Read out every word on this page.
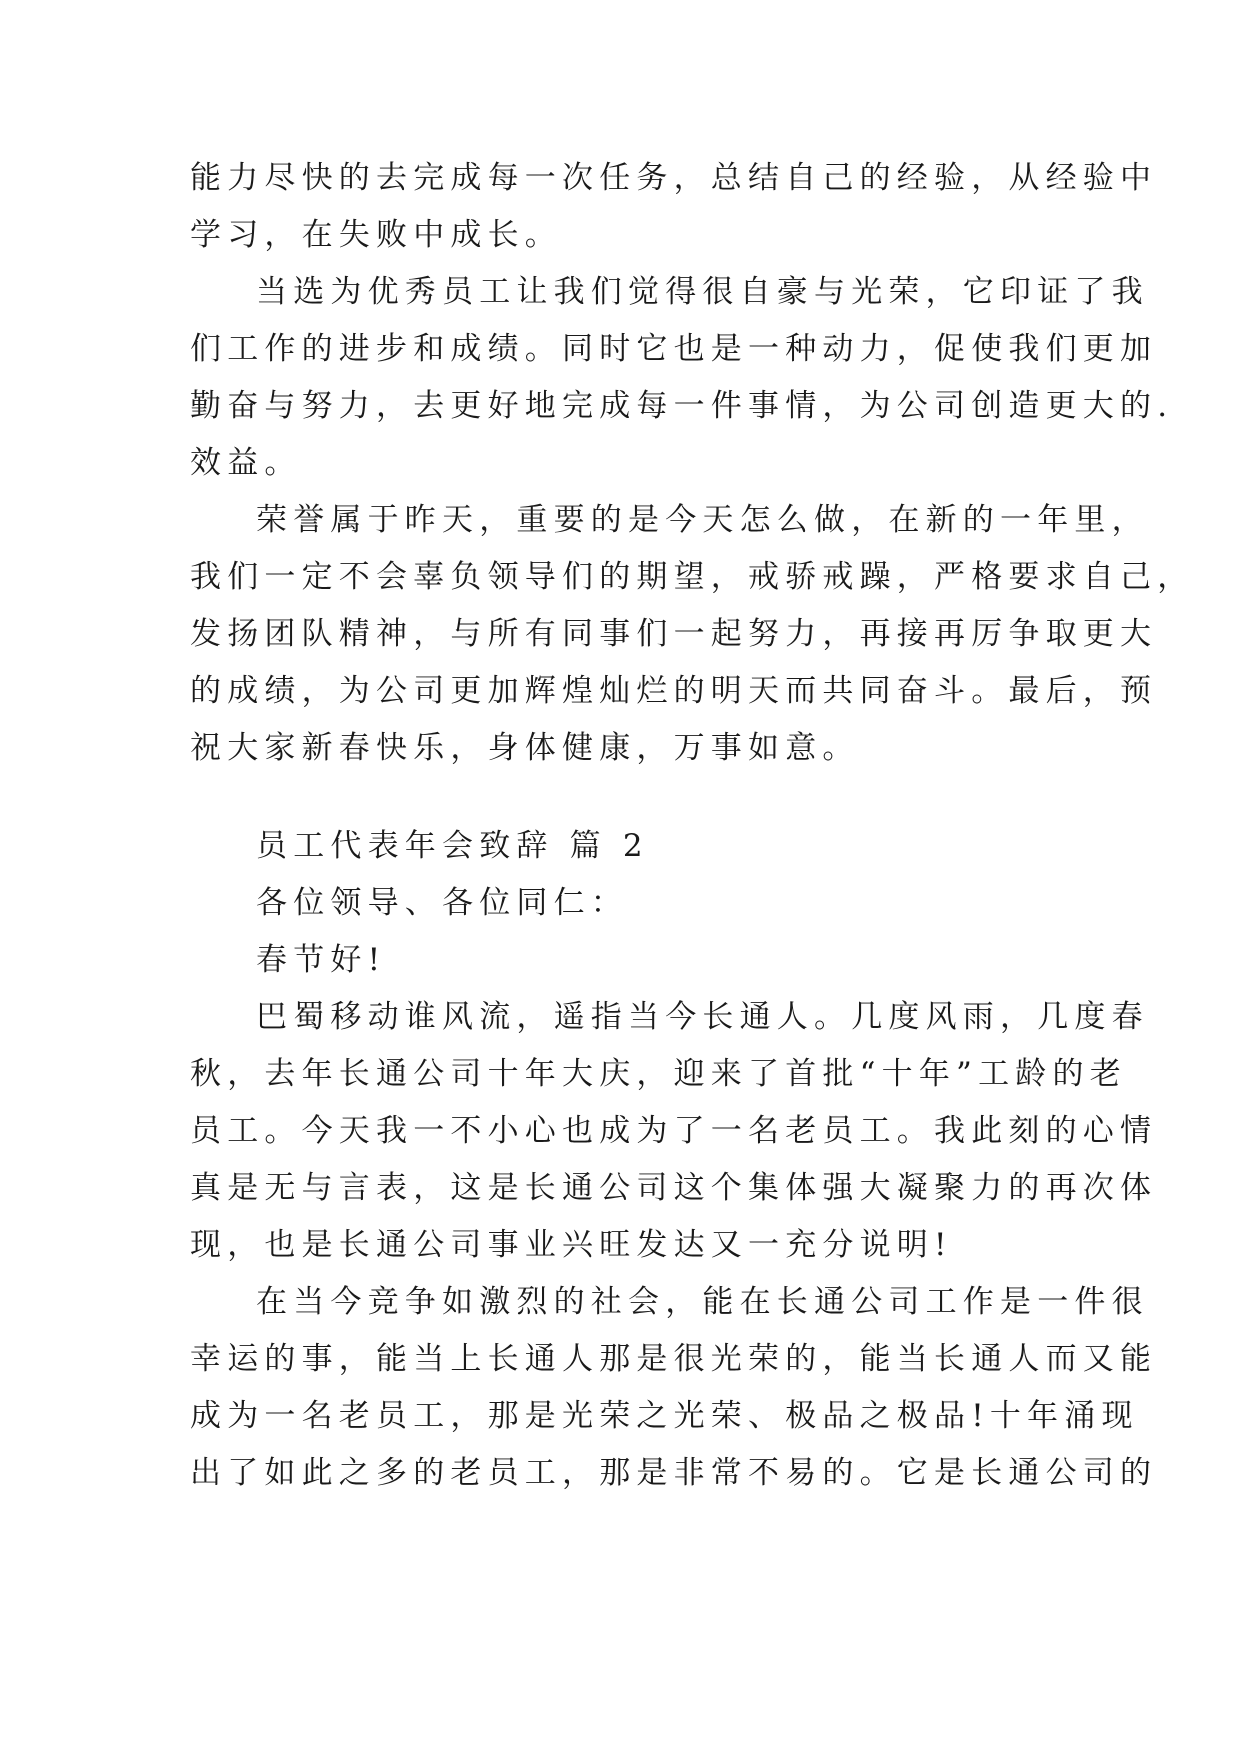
能力尽快的去完成每一次任务，总结自己的经验，从经验中
学习，在失败中成长。
当选为优秀员工让我们觉得很自豪与光荣，它印证了我
们工作的进步和成绩。同时它也是一种动力，促使我们更加
勤奋与努力，去更好地完成每一件事情，为公司创造更大的.
效益。
荣誉属于昨天，重要的是今天怎么做，在新的一年里，
我们一定不会辜负领导们的期望，戒骄戒躁，严格要求自己，
发扬团队精神，与所有同事们一起努力，再接再厉争取更大
的成绩，为公司更加辉煌灿烂的明天而共同奋斗。最后，预
祝大家新春快乐，身体健康，万事如意。
员工代表年会致辞 篇 2
各位领导、各位同仁：
春节好!
巴蜀移动谁风流，遥指当今长通人。几度风雨，几度春
秋，去年长通公司十年大庆，迎来了首批“十年”工龄的老
员工。今天我一不小心也成为了一名老员工。我此刻的心情
真是无与言表，这是长通公司这个集体强大凝聚力的再次体
现，也是长通公司事业兴旺发达又一充分说明!
在当今竞争如激烈的社会，能在长通公司工作是一件很
幸运的事，能当上长通人那是很光荣的，能当长通人而又能
成为一名老员工，那是光荣之光荣、极品之极品!十年涌现
出了如此之多的老员工，那是非常不易的。它是长通公司的
